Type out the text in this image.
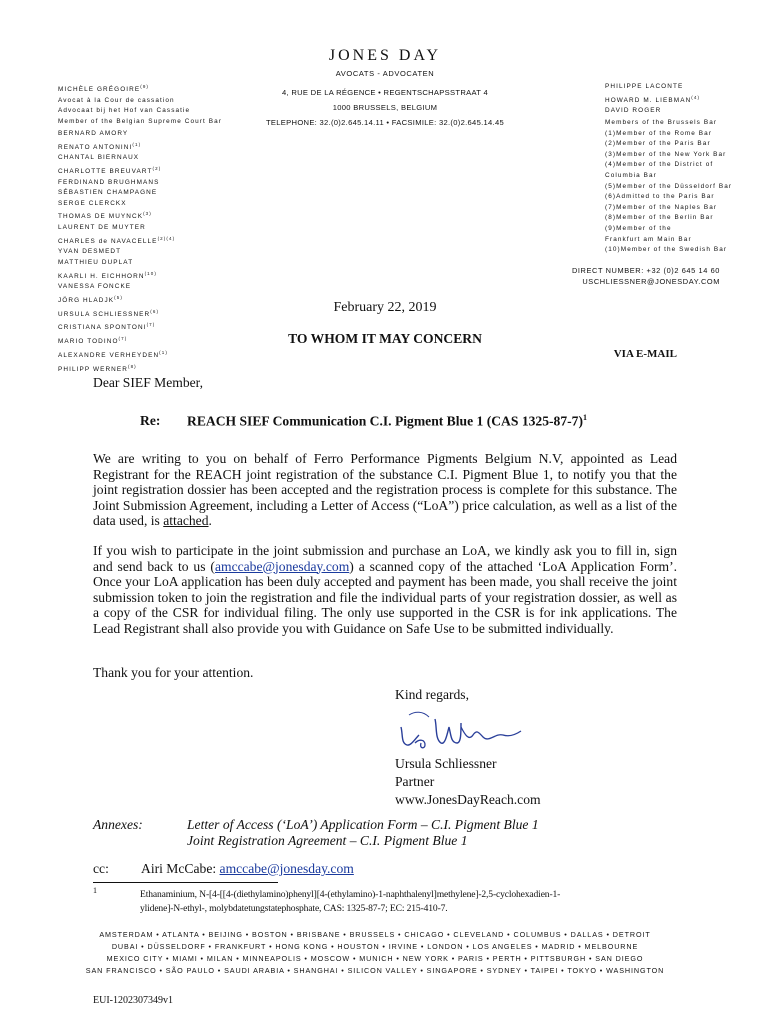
JONES DAY
AVOCATS - ADVOCATEN
MICHÈLE GRÉGOIRE$^{(9)}$
Avocat à la Cour de cassation
Advocaat bij het Hof van Cassatie
Member of the Belgian Supreme Court Bar
BERNARD AMORY
RENATO ANTONINI$^{(1)}$
CHANTAL BIERNAUX
CHARLOTTE BREUVART$^{(2)}$
FERDINAND BRUGHMANS
SÉBASTIEN CHAMPAGNE
SERGE CLERCKX
THOMAS DE MUYNCK$^{(3)}$
LAURENT DE MUYTER
CHARLES de $NAVACELLE^{(2)(4)}$
YVAN DESMEDT
MATTHIEU DUPLAT
KAARLI H. EICHHORN$^{(10)}$
VANESSA FONCKE
JÖRG HLADJK$^{(5)}$
URSULA SCHLIESSNER$^{(6)}$
CRISTIANA SPONTONI$^{(7)}$
MARIO TODINO$^{(7)}$
ALEXANDRE VERHEYDEN$^{(1)}$
PHILIPP WERNER$^{(8)}$
4, RUE DE LA RÉGENCE • REGENTSCHAPSSTRAAT 4
1000 BRUSSELS, BELGIUM
TELEPHONE: 32.(0)2.645.14.11 • FACSIMILE: 32.(0)2.645.14.45
PHILIPPE LACONTE
HOWARD M. LIEBMAN$^{(4)}$
DAVID ROGER
Members of the Brussels Bar
(1)Member of the Rome Bar
(2)Member of the Paris Bar
(3)Member of the New York Bar
(4)Member of the District of
Columbia Bar
(5)Member of the Düsseldorf Bar
(6)Admitted to the Paris Bar
(7)Member of the Naples Bar
(8)Member of the Berlin Bar
(9)Member of the
Frankfurt am Main Bar
(10)Member of the Swedish Bar
DIRECT NUMBER: +32 (0)2 645 14 60
USCHLIESSNER@JONESDAY.COM
February 22, 2019
TO WHOM IT MAY CONCERN
VIA E-MAIL
Dear SIEF Member,
Re: REACH SIEF Communication C.I. Pigment Blue 1 (CAS 1325-87-7)$^1$

We are writing to you on behalf of Ferro Performance Pigments Belgium N.V, appointed as Lead Registrant for the REACH joint registration of the substance C.I. Pigment Blue 1, to notify you that the joint registration dossier has been accepted and the registration process is complete for this substance. The Joint Submission Agreement, including a Letter of Access (“LoA”) price calculation, as well as a list of the data used, is attached.

If you wish to participate in the joint submission and purchase an LoA, we kindly ask you to fill in, sign and send back to us (amccabe@jonesday.com) a scanned copy of the attached ‘LoA Application Form’. Once your LoA application has been duly accepted and payment has been made, you shall receive the joint submission token to join the registration and file the individual parts of your registration dossier, as well as a copy of the CSR for individual filing. The only use supported in the CSR is for ink applications. The Lead Registrant shall also provide you with Guidance on Safe Use to be submitted individually.

Thank you for your attention.
Kind regards,
Ursula Schliessner
Partner
www.JonesDayReach.com
Annexes:	Letter of Access (‘LoA’) Application Form – C.I. Pigment Blue 1
Joint Registration Agreement – C.I. Pigment Blue 1
cc: Airi McCabe: amccabe@jonesday.com
1	Ethanaminium, N-[4-[[4-(diethylamino)phenyl][4-(ethylamino)-1-naphthalenyl]methylene]-2,5-cyclohexadien-1-
ylidene]-N-ethyl-, molybdatetungstatephosphate, CAS: 1325-87-7; EC: 215-410-7.
AMSTERDAM • ATLANTA • BEIJING • BOSTON • BRISBANE • BRUSSELS • CHICAGO • CLEVELAND • COLUMBUS • DALLAS • DETROIT
DUBAI • DÜSSELDORF • FRANKFURT • HONG KONG • HOUSTON • IRVINE • LONDON • LOS ANGELES • MADRID • MELBOURNE
MEXICO CITY • MIAMI • MILAN • MINNEAPOLIS • MOSCOW • MUNICH • NEW YORK • PARIS • PERTH • PITTSBURGH • SAN DIEGO
SAN FRANCISCO • SÃO PAULO • SAUDI ARABIA • SHANGHAI • SILICON VALLEY • SINGAPORE • SYDNEY • TAIPEI • TOKYO • WASHINGTON
EUI-1202307349v1
